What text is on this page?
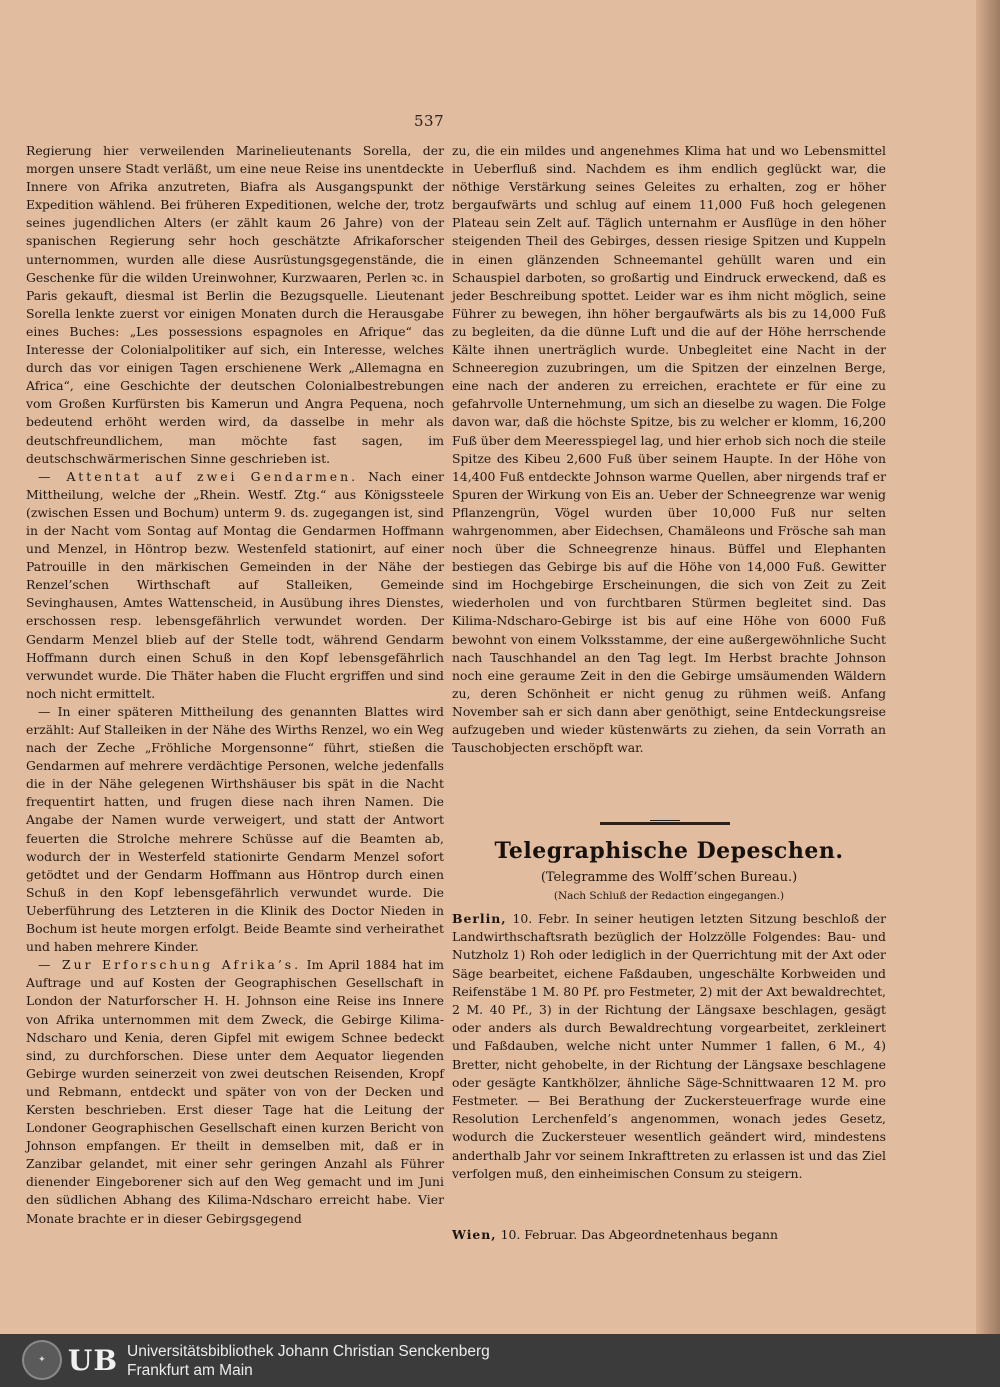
537

Regierung hier verweilenden Marinelieutenants Sorella, der morgen unsere Stadt verläßt, um eine neue Reise ins unentdeckte Innere von Afrika anzutreten, Biafra als Ausgangspunkt der Expedition wählend. Bei früheren Expeditionen, welche der, trotz seines jugendlichen Alters (er zählt kaum 26 Jahre) von der spanischen Regierung sehr hoch geschätzte Afrikaforscher unternommen, wurden alle diese Ausrüstungsgegenstände, die Geschenke für die wilden Ureinwohner, Kurzwaaren, Perlen ꝛc. in Paris gekauft, diesmal ist Berlin die Bezugsquelle. Lieutenant Sorella lenkte zuerst vor einigen Monaten durch die Herausgabe eines Buches: „Les possessions espagnoles en Afrique“ das Interesse der Colonialpolitiker auf sich, ein Interesse, welches durch das vor einigen Tagen erschienene Werk „Allemagna en Africa“, eine Geschichte der deutschen Colonialbestrebungen vom Großen Kurfürsten bis Kamerun und Angra Pequena, noch bedeutend erhöht werden wird, da dasselbe in mehr als deutschfreundlichem, man möchte fast sagen, im deutschschwärmerischen Sinne geschrieben ist.

— Attentat auf zwei Gendarmen. Nach einer Mittheilung, welche der „Rhein. Westf. Ztg.“ aus Königssteele (zwischen Essen und Bochum) unterm 9. ds. zugegangen ist, sind in der Nacht vom Sontag auf Montag die Gendarmen Hoffmann und Menzel, in Höntrop bezw. Westenfeld stationirt, auf einer Patrouille in den märkischen Gemeinden in der Nähe der Renzel’schen Wirthschaft auf Stalleiken, Gemeinde Sevinghausen, Amtes Wattenscheid, in Ausübung ihres Dienstes, erschossen resp. lebensgefährlich verwundet worden. Der Gendarm Menzel blieb auf der Stelle todt, während Gendarm Hoffmann durch einen Schuß in den Kopf lebensgefährlich verwundet wurde. Die Thäter haben die Flucht ergriffen und sind noch nicht ermittelt.

— In einer späteren Mittheilung des genannten Blattes wird erzählt: Auf Stalleiken in der Nähe des Wirths Renzel, wo ein Weg nach der Zeche „Fröhliche Morgensonne“ führt, stießen die Gendarmen auf mehrere verdächtige Personen, welche jedenfalls die in der Nähe gelegenen Wirthshäuser bis spät in die Nacht frequentirt hatten, und frugen diese nach ihren Namen. Die Angabe der Namen wurde verweigert, und statt der Antwort feuerten die Strolche mehrere Schüsse auf die Beamten ab, wodurch der in Westerfeld stationirte Gendarm Menzel sofort getödtet und der Gendarm Hoffmann aus Höntrop durch einen Schuß in den Kopf lebensgefährlich verwundet wurde. Die Ueberführung des Letzteren in die Klinik des Doctor Nieden in Bochum ist heute morgen erfolgt. Beide Beamte sind verheirathet und haben mehrere Kinder.

— Zur Erforschung Afrika’s. Im April 1884 hat im Auftrage und auf Kosten der Geographischen Gesellschaft in London der Naturforscher H. H. Johnson eine Reise ins Innere von Afrika unternommen mit dem Zweck, die Gebirge Kilima-Ndscharo und Kenia, deren Gipfel mit ewigem Schnee bedeckt sind, zu durchforschen. Diese unter dem Aequator liegenden Gebirge wurden seinerzeit von zwei deutschen Reisenden, Kropf und Rebmann, entdeckt und später von von der Decken und Kersten beschrieben. Erst dieser Tage hat die Leitung der Londoner Geographischen Gesellschaft einen kurzen Bericht von Johnson empfangen. Er theilt in demselben mit, daß er in Zanzibar gelandet, mit einer sehr geringen Anzahl als Führer dienender Eingeborener sich auf den Weg gemacht und im Juni den südlichen Abhang des Kilima-Ndscharo erreicht habe. Vier Monate brachte er in dieser Gebirgsgegend

zu, die ein mildes und angenehmes Klima hat und wo Lebensmittel in Ueberfluß sind. Nachdem es ihm endlich geglückt war, die nöthige Verstärkung seines Geleites zu erhalten, zog er höher bergaufwärts und schlug auf einem 11,000 Fuß hoch gelegenen Plateau sein Zelt auf. Täglich unternahm er Ausflüge in den höher steigenden Theil des Gebirges, dessen riesige Spitzen und Kuppeln in einen glänzenden Schneemantel gehüllt waren und ein Schauspiel darboten, so großartig und Eindruck erweckend, daß es jeder Beschreibung spottet. Leider war es ihm nicht möglich, seine Führer zu bewegen, ihn höher bergaufwärts als bis zu 14,000 Fuß zu begleiten, da die dünne Luft und die auf der Höhe herrschende Kälte ihnen unerträglich wurde. Unbegleitet eine Nacht in der Schneeregion zuzubringen, um die Spitzen der einzelnen Berge, eine nach der anderen zu erreichen, erachtete er für eine zu gefahrvolle Unternehmung, um sich an dieselbe zu wagen. Die Folge davon war, daß die höchste Spitze, bis zu welcher er klomm, 16,200 Fuß über dem Meeresspiegel lag, und hier erhob sich noch die steile Spitze des Kibeu 2,600 Fuß über seinem Haupte. In der Höhe von 14,400 Fuß entdeckte Johnson warme Quellen, aber nirgends traf er Spuren der Wirkung von Eis an. Ueber der Schneegrenze war wenig Pflanzengrün, Vögel wurden über 10,000 Fuß nur selten wahrgenommen, aber Eidechsen, Chamäleons und Frösche sah man noch über die Schneegrenze hinaus. Büffel und Elephanten bestiegen das Gebirge bis auf die Höhe von 14,000 Fuß. Gewitter sind im Hochgebirge Erscheinungen, die sich von Zeit zu Zeit wiederholen und von furchtbaren Stürmen begleitet sind. Das Kilima-Ndscharo-Gebirge ist bis auf eine Höhe von 6000 Fuß bewohnt von einem Volksstamme, der eine außergewöhnliche Sucht nach Tauschhandel an den Tag legt. Im Herbst brachte Johnson noch eine geraume Zeit in den die Gebirge umsäumenden Wäldern zu, deren Schönheit er nicht genug zu rühmen weiß. Anfang November sah er sich dann aber genöthigt, seine Entdeckungsreise aufzugeben und wieder küstenwärts zu ziehen, da sein Vorrath an Tauschobjecten erschöpft war.

Telegraphische Depeschen.

(Telegramme des Wolff’schen Bureau.)

(Nach Schluß der Redaction eingegangen.)

Berlin, 10. Febr. In seiner heutigen letzten Sitzung beschloß der Landwirthschaftsrath bezüglich der Holzzölle Folgendes: Bau- und Nutzholz 1) Roh oder lediglich in der Querrichtung mit der Axt oder Säge bearbeitet, eichene Faßdauben, ungeschälte Korbweiden und Reifenstäbe 1 M. 80 Pf. pro Festmeter, 2) mit der Axt bewaldrechtet, 2 M. 40 Pf., 3) in der Richtung der Längsaxe beschlagen, gesägt oder anders als durch Bewaldrechtung vorgearbeitet, zerkleinert und Faßdauben, welche nicht unter Nummer 1 fallen, 6 M., 4) Bretter, nicht gehobelte, in der Richtung der Längsaxe beschlagene oder gesägte Kantkhölzer, ähnliche Säge-Schnittwaaren 12 M. pro Festmeter. — Bei Berathung der Zuckersteuerfrage wurde eine Resolution Lerchenfeld’s angenommen, wonach jedes Gesetz, wodurch die Zuckersteuer wesentlich geändert wird, mindestens anderthalb Jahr vor seinem Inkrafttreten zu erlassen ist und das Ziel verfolgen muß, den einheimischen Consum zu steigern.

Wien, 10. Februar. Das Abgeordnetenhaus begann

✦ UB Universitätsbibliothek Johann Christian Senckenberg
Frankfurt am Main
